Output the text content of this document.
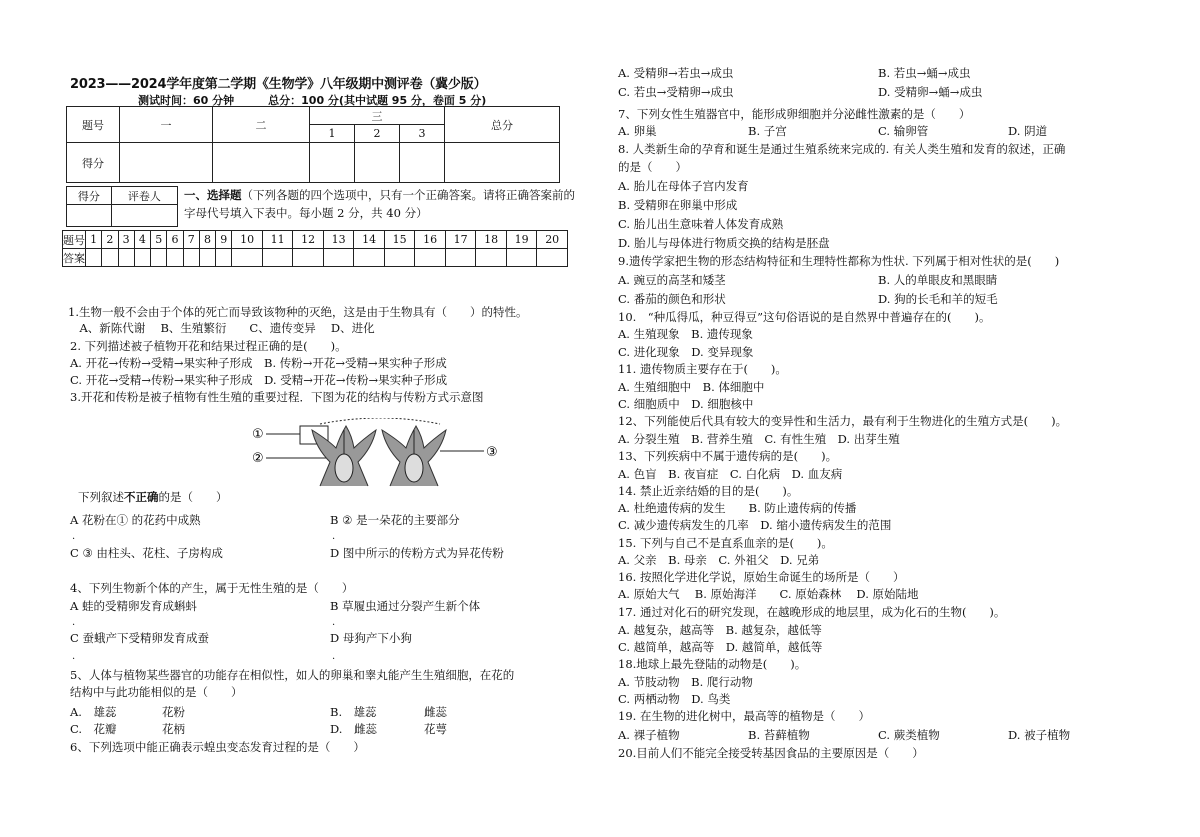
2023——2024学年度第二学期《生物学》八年级期中测评卷（冀少版）
测试时间：60 分钟	总分：100 分(其中试题 95 分，卷面 5 分)
题号	一	二	三			总分
			1	2	3	
得分						
得分	评卷人
	一、选择题（下列各题的四个选项中，只有一个正确答案。请将正确答案前的字母代号填入下表中。每小题 2 分，共 40 分）
题号	1	2	3	4	5	6	7	8	9	10	11	12	13	14	15	16	17	18	19	20
答案																				
1.生物一般不会由于个体的死亡而导致该物种的灭绝，这是由于生物具有（　　）的特性。
　A、新陈代谢　 B、生殖繁衍　　C、遗传变异　 D、进化
2. 下列描述被子植物开花和结果过程正确的是(　　)。
A. 开花→传粉→受精→果实种子形成　B. 传粉→开花→受精→果实种子形成
C. 开花→受精→传粉→果实种子形成　D. 受精→开花→传粉→果实种子形成
3.开花和传粉是被子植物有性生殖的重要过程．下图为花的结构与传粉方式示意图
①
②	③
下列叙述不正确的是（　　）
A 花粉在① 的花药中成熟	B ② 是一朵花的主要部分
.	.
C ③ 由柱头、花柱、子房构成	D 图中所示的传粉方式为异花传粉
4、下列生物新个体的产生，属于无性生殖的是（　　）
A 蛙的受精卵发育成蝌蚪	B 草履虫通过分裂产生新个体
.	.
C 蚕蛾产下受精卵发育成蚕	D 母狗产下小狗
.	.
5、人体与植物某些器官的功能存在相似性，如人的卵巢和睾丸能产生生殖细胞，在花的
结构中与此功能相似的是（　　）
A.　雄蕊	花粉	B.　雄蕊	雌蕊
C.　花瓣	花柄	D.　雌蕊	花萼
6、下列选项中能正确表示蝗虫变态发育过程的是（　　）
A. 受精卵→若虫→成虫	B. 若虫→蛹→成虫
C. 若虫→受精卵→成虫	D. 受精卵→蛹→成虫
7、下列女性生殖器官中，能形成卵细胞并分泌雌性激素的是（　　）
A. 卵巢	B. 子宫	C. 输卵管	D. 阴道
8. 人类新生命的孕育和诞生是通过生殖系统来完成的. 有关人类生殖和发育的叙述，正确
的是（　　）
A. 胎儿在母体子宫内发育
B. 受精卵在卵巢中形成
C. 胎儿出生意味着人体发育成熟
D. 胎儿与母体进行物质交换的结构是胚盘
9.遗传学家把生物的形态结构特征和生理特性都称为性状. 下列属于相对性状的是(　　)
A. 豌豆的高茎和矮茎	B. 人的单眼皮和黑眼睛
C. 番茄的颜色和形状	D. 狗的长毛和羊的短毛
10.　“种瓜得瓜，种豆得豆”这句俗语说的是自然界中普遍存在的(　　)。
A. 生殖现象　B. 遗传现象
C. 进化现象　D. 变异现象
11. 遗传物质主要存在于(　　)。
A. 生殖细胞中　B. 体细胞中
C. 细胞质中　D. 细胞核中
12、下列能使后代具有较大的变异性和生活力，最有利于生物进化的生殖方式是(　　)。
A. 分裂生殖　B. 营养生殖　C. 有性生殖　D. 出芽生殖
13、下列疾病中不属于遗传病的是(　　)。
A. 色盲　B. 夜盲症　C. 白化病　D. 血友病
14. 禁止近亲结婚的目的是(　　)。
A. 杜绝遗传病的发生　　B. 防止遗传病的传播
C. 减少遗传病发生的几率　D. 缩小遗传病发生的范围
15. 下列与自己不是直系血亲的是(　　)。
A. 父亲　B. 母亲　C. 外祖父　D. 兄弟
16. 按照化学进化学说，原始生命诞生的场所是（　　）
A. 原始大气　 B. 原始海洋　　C. 原始森林　 D. 原始陆地
17. 通过对化石的研究发现，在越晚形成的地层里，成为化石的生物(　　)。
A. 越复杂，越高等　B. 越复杂，越低等
C. 越简单，越高等　D. 越简单，越低等
18.地球上最先登陆的动物是(　　)。
A. 节肢动物　B. 爬行动物
C. 两栖动物　D. 鸟类
19. 在生物的进化树中，最高等的植物是（　　）
A. 裸子植物	B. 苔藓植物	C. 蕨类植物	D. 被子植物
20.目前人们不能完全接受转基因食品的主要原因是（　　）
